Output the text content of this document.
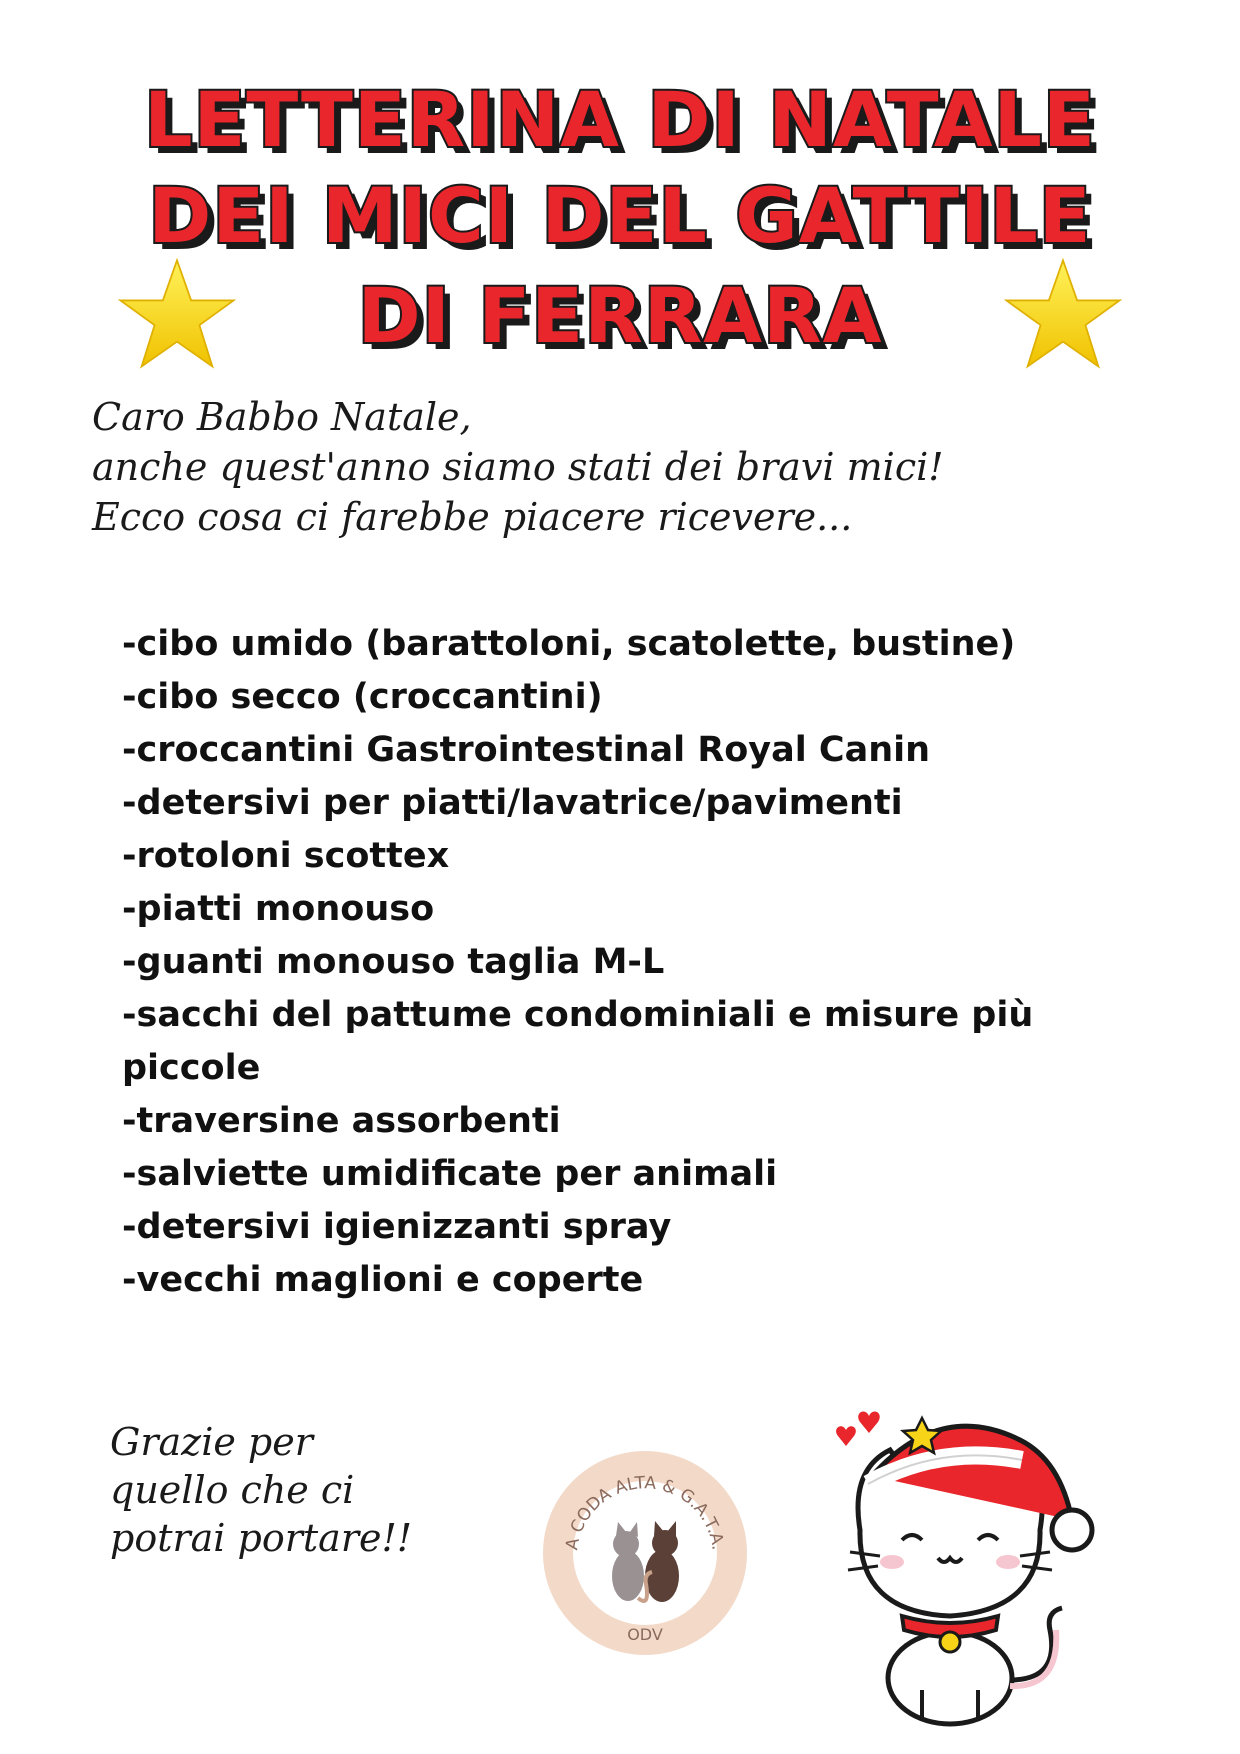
LETTERINA DI NATALE
DEI MICI DEL GATTILE
DI FERRARA
Caro Babbo Natale,
anche quest'anno siamo stati dei bravi mici!
Ecco cosa ci farebbe piacere ricevere...
-cibo umido (barattoloni, scatolette, bustine)
-cibo secco (croccantini)
-croccantini Gastrointestinal Royal Canin
-detersivi per piatti/lavatrice/pavimenti
-rotoloni scottex
-piatti monouso
-guanti monouso taglia M-L
-sacchi del pattume condominiali e misure più piccole
-traversine assorbenti
-salviette umidificate per animali
-detersivi igienizzanti spray
-vecchi maglioni e coperte
Grazie per
quello che ci
potrai portare!!	A CODA ALTA & G.A.T.A.
ODV
